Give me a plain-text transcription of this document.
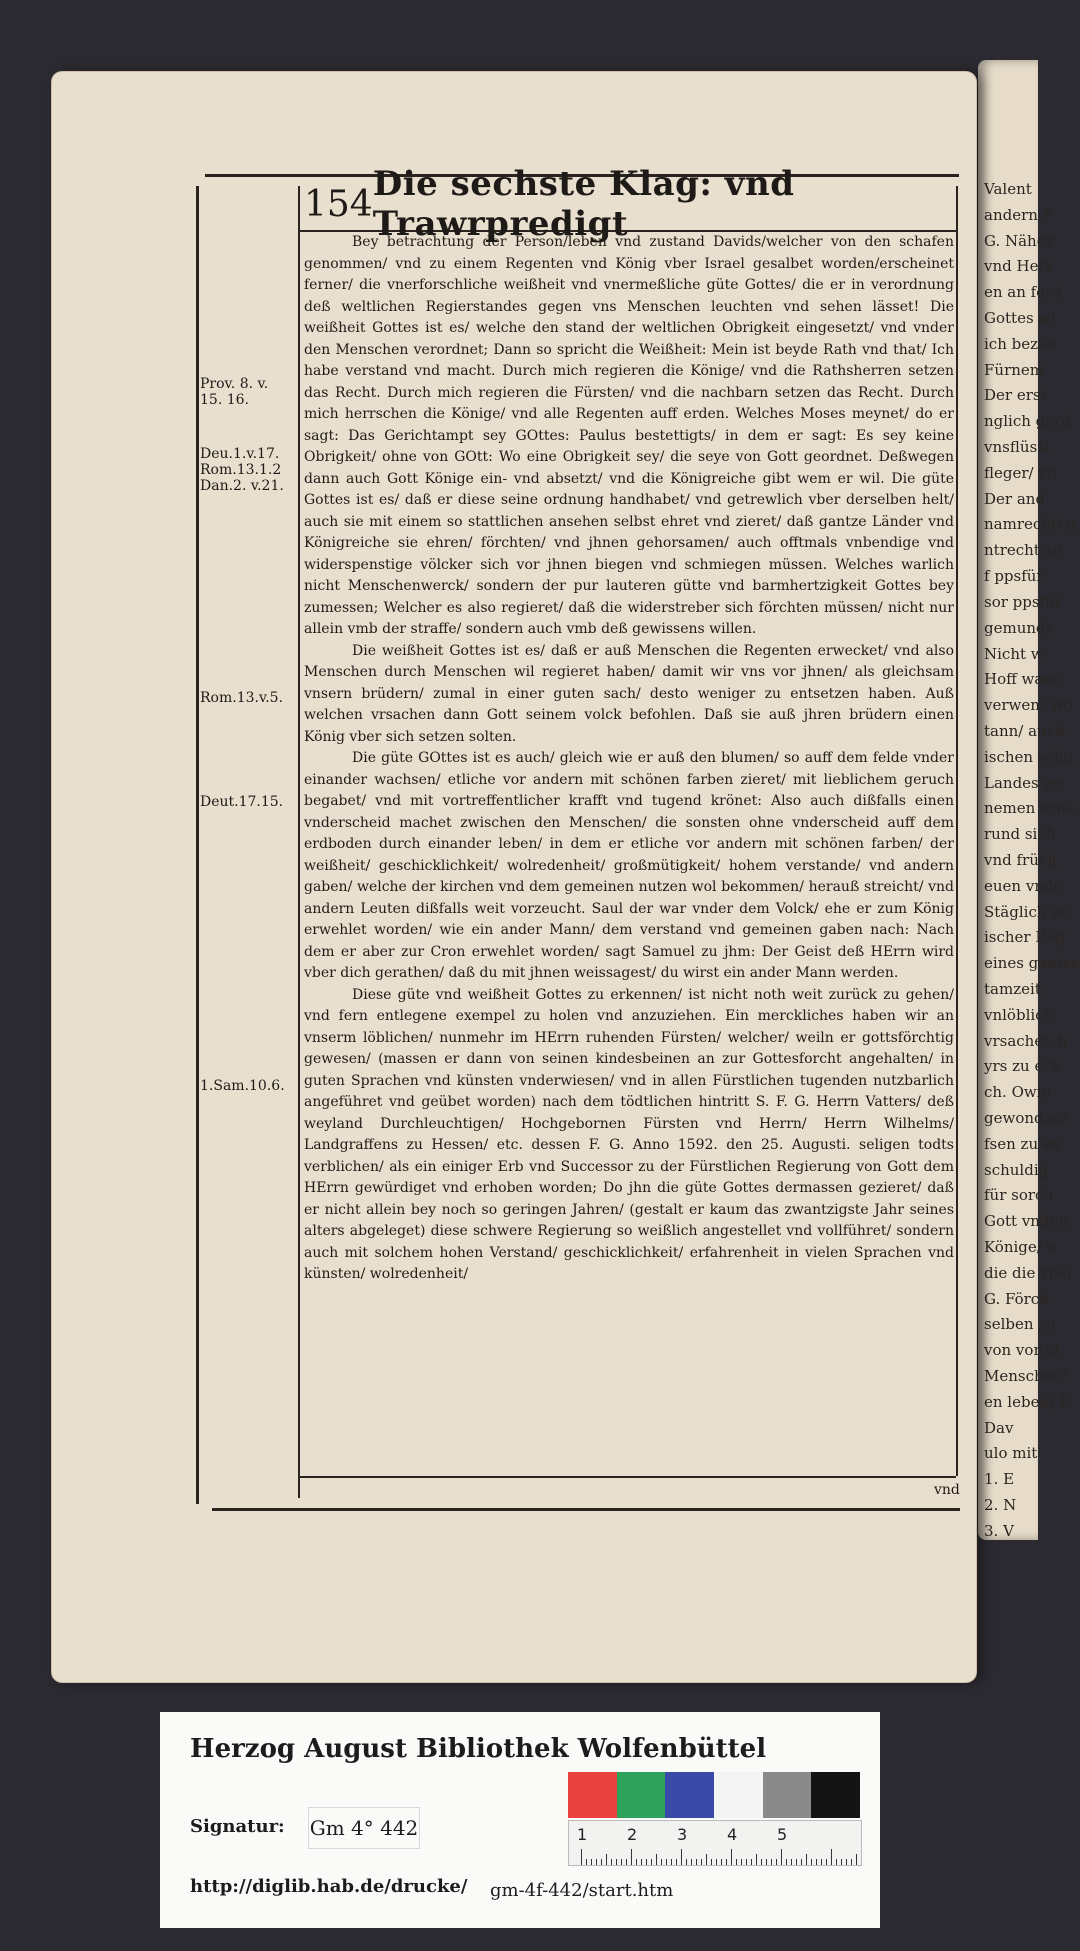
Valent
andern F
G. Näher
vnd Herr
en an ferd
Gottes wi
ich bezau
Fürnem
Der erst
nglich gerd
vnsflüssi
fleger/ vn
Der and
namrecht/ g
ntrecht zu
f ppsfür
sor ppsfür
gemunds
Nicht w
Hoff wann
verwent wo
tann/ auch
ischen schu
Landes ge
nemen sche
rund sich
vnd früch
euen vnde
Stäglich ve
ischer Reg
eines gantze
tamzeit
vnlöblich
vrsachen h
yrs zu erk
ch. Owie
gewonden/
fsen zu ex
schuldig
für sorch
Gott vnden
Könige/ v
die die vbel
G. Förch
selben zu
von vor al
Menschen/
en leben/ F
Dav
ulo mit
1. E
2. N
3. V
154 Die sechste Klag: vnd Trawrpredigt
Prov. 8. v.
15. 16.
Deu.1.v.17.
Rom.13.1.2
Dan.2. v.21.
Rom.13.v.5.
Deut.17.15.
1.Sam.10.6.

Bey betrachtung der Person/leben vnd zustand Davids/welcher von den schafen genommen/ vnd zu einem Regenten vnd König vber Israel gesalbet worden/erscheinet ferner/ die vnerforschliche weißheit vnd vnermeßliche güte Gottes/ die er in verordnung deß weltlichen Regierstandes gegen vns Menschen leuchten vnd sehen lässet! Die weißheit Gottes ist es/ welche den stand der weltlichen Obrigkeit eingesetzt/ vnd vnder den Menschen verordnet; Dann so spricht die Weißheit: Mein ist beyde Rath vnd that/ Ich habe verstand vnd macht. Durch mich regieren die Könige/ vnd die Rathsherren setzen das Recht. Durch mich regieren die Fürsten/ vnd die nachbarn setzen das Recht. Durch mich herrschen die Könige/ vnd alle Regenten auff erden. Welches Moses meynet/ do er sagt: Das Gerichtampt sey GOttes: Paulus bestettigts/ in dem er sagt: Es sey keine Obrigkeit/ ohne von GOtt: Wo eine Obrigkeit sey/ die seye von Gott geordnet. Deßwegen dann auch Gott Könige ein- vnd absetzt/ vnd die Königreiche gibt wem er wil. Die güte Gottes ist es/ daß er diese seine ordnung handhabet/ vnd getrewlich vber derselben helt/ auch sie mit einem so stattlichen ansehen selbst ehret vnd zieret/ daß gantze Länder vnd Königreiche sie ehren/ förchten/ vnd jhnen gehorsamen/ auch offtmals vnbendige vnd widerspenstige völcker sich vor jhnen biegen vnd schmiegen müssen. Welches warlich nicht Menschenwerck/ sondern der pur lauteren gütte vnd barmhertzigkeit Gottes bey zumessen; Welcher es also regieret/ daß die widerstreber sich förchten müssen/ nicht nur allein vmb der straffe/ sondern auch vmb deß gewissens willen.

Die weißheit Gottes ist es/ daß er auß Menschen die Regenten erwecket/ vnd also Menschen durch Menschen wil regieret haben/ damit wir vns vor jhnen/ als gleichsam vnsern brüdern/ zumal in einer guten sach/ desto weniger zu entsetzen haben. Auß welchen vrsachen dann Gott seinem volck befohlen. Daß sie auß jhren brüdern einen König vber sich setzen solten.

Die güte GOttes ist es auch/ gleich wie er auß den blumen/ so auff dem felde vnder einander wachsen/ etliche vor andern mit schönen farben zieret/ mit lieblichem geruch begabet/ vnd mit vortreffentlicher krafft vnd tugend krönet: Also auch dißfalls einen vnderscheid machet zwischen den Menschen/ die sonsten ohne vnderscheid auff dem erdboden durch einander leben/ in dem er etliche vor andern mit schönen farben/ der weißheit/ geschicklichkeit/ wolredenheit/ großmütigkeit/ hohem verstande/ vnd andern gaben/ welche der kirchen vnd dem gemeinen nutzen wol bekommen/ herauß streicht/ vnd andern Leuten dißfalls weit vorzeucht. Saul der war vnder dem Volck/ ehe er zum König erwehlet worden/ wie ein ander Mann/ dem verstand vnd gemeinen gaben nach: Nach dem er aber zur Cron erwehlet worden/ sagt Samuel zu jhm: Der Geist deß HErrn wird vber dich gerathen/ daß du mit jhnen weissagest/ du wirst ein ander Mann werden.

Diese güte vnd weißheit Gottes zu erkennen/ ist nicht noth weit zurück zu gehen/ vnd fern entlegene exempel zu holen vnd anzuziehen. Ein merckliches haben wir an vnserm löblichen/ nunmehr im HErrn ruhenden Fürsten/ welcher/ weiln er gottsförchtig gewesen/ (massen er dann von seinen kindesbeinen an zur Gottesforcht angehalten/ in guten Sprachen vnd künsten vnderwiesen/ vnd in allen Fürstlichen tugenden nutzbarlich angeführet vnd geübet worden) nach dem tödtlichen hintritt S. F. G. Herrn Vatters/ deß weyland Durchleuchtigen/ Hochgebornen Fürsten vnd Herrn/ Herrn Wilhelms/ Landgraffens zu Hessen/ etc. dessen F. G. Anno 1592. den 25. Augusti. seligen todts verblichen/ als ein einiger Erb vnd Successor zu der Fürstlichen Regierung von Gott dem HErrn gewürdiget vnd erhoben worden; Do jhn die güte Gottes dermassen gezieret/ daß er nicht allein bey noch so geringen Jahren/ (gestalt er kaum das zwantzigste Jahr seines alters abgeleget) diese schwere Regierung so weißlich angestellet vnd vollführet/ sondern auch mit solchem hohen Verstand/ geschicklichkeit/ erfahrenheit in vielen Sprachen vnd künsten/ wolredenheit/

vnd
Herzog August Bibliothek Wolfenbüttel
Signatur: Gm 4° 442
http://diglib.hab.de/drucke/ gm-4f-442/start.htm
1 2 3 4 5
